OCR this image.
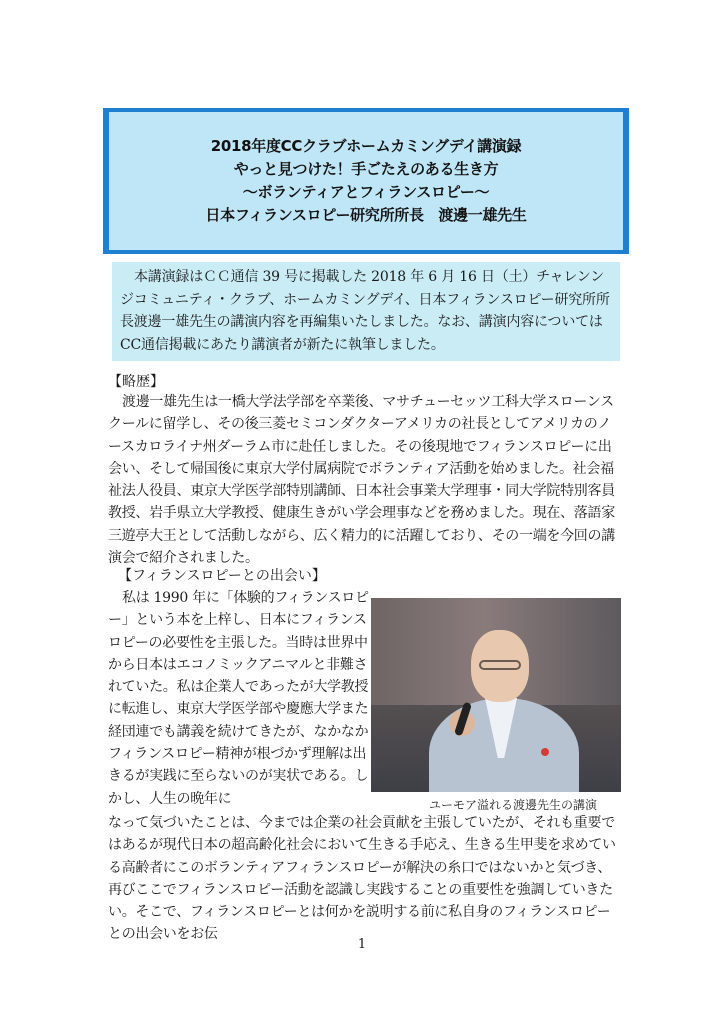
2018年度CCクラブホームカミングデイ講演録
やっと見つけた！手ごたえのある生き方
～ボランティアとフィランスロピー～
日本フィランスロピー研究所所長　渡邊一雄先生

本講演録はＣＣ通信 39 号に掲載した 2018 年 6 月 16 日（土）チャレンンジコミュニティ・クラブ、ホームカミングデイ、日本フィランスロピー研究所所長渡邊一雄先生の講演内容を再編集いたしました。なお、講演内容についてはCC通信掲載にあたり講演者が新たに執筆しました。

【略歴】

渡邊一雄先生は一橋大学法学部を卒業後、マサチューセッツ工科大学スローンスクールに留学し、その後三菱セミコンダクターアメリカの社長としてアメリカのノースカロライナ州ダーラム市に赴任しました。その後現地でフィランスロピーに出会い、そして帰国後に東京大学付属病院でボランティア活動を始めました。社会福祉法人役員、東京大学医学部特別講師、日本社会事業大学理事・同大学院特別客員教授、岩手県立大学教授、健康生きがい学会理事などを務めました。現在、落語家三遊亭大王として活動しながら、広く精力的に活躍しており、その一端を今回の講演会で紹介されました。

【フィランスロピーとの出会い】

私は 1990 年に「体験的フィランスロピー」という本を上梓し、日本にフィランスロピーの必要性を主張した。当時は世界中から日本はエコノミックアニマルと非難されていた。私は企業人であったが大学教授に転進し、東京大学医学部や慶應大学また経団連でも講義を続けてきたが、なかなかフィランスロピー精神が根づかず理解は出きるが実践に至らないのが実状である。しかし、人生の晩年に	ユーモア溢れる渡邊先生の講演

なって気づいたことは、今までは企業の社会貢献を主張していたが、それも重要ではあるが現代日本の超高齢化社会において生きる手応え、生きる生甲斐を求めている高齢者にこのボランティアフィランスロピーが解決の糸口ではないかと気づき、再びここでフィランスロピー活動を認識し実践することの重要性を強調していきたい。そこで、フィランスロピーとは何かを説明する前に私自身のフィランスロピーとの出会いをお伝

1
